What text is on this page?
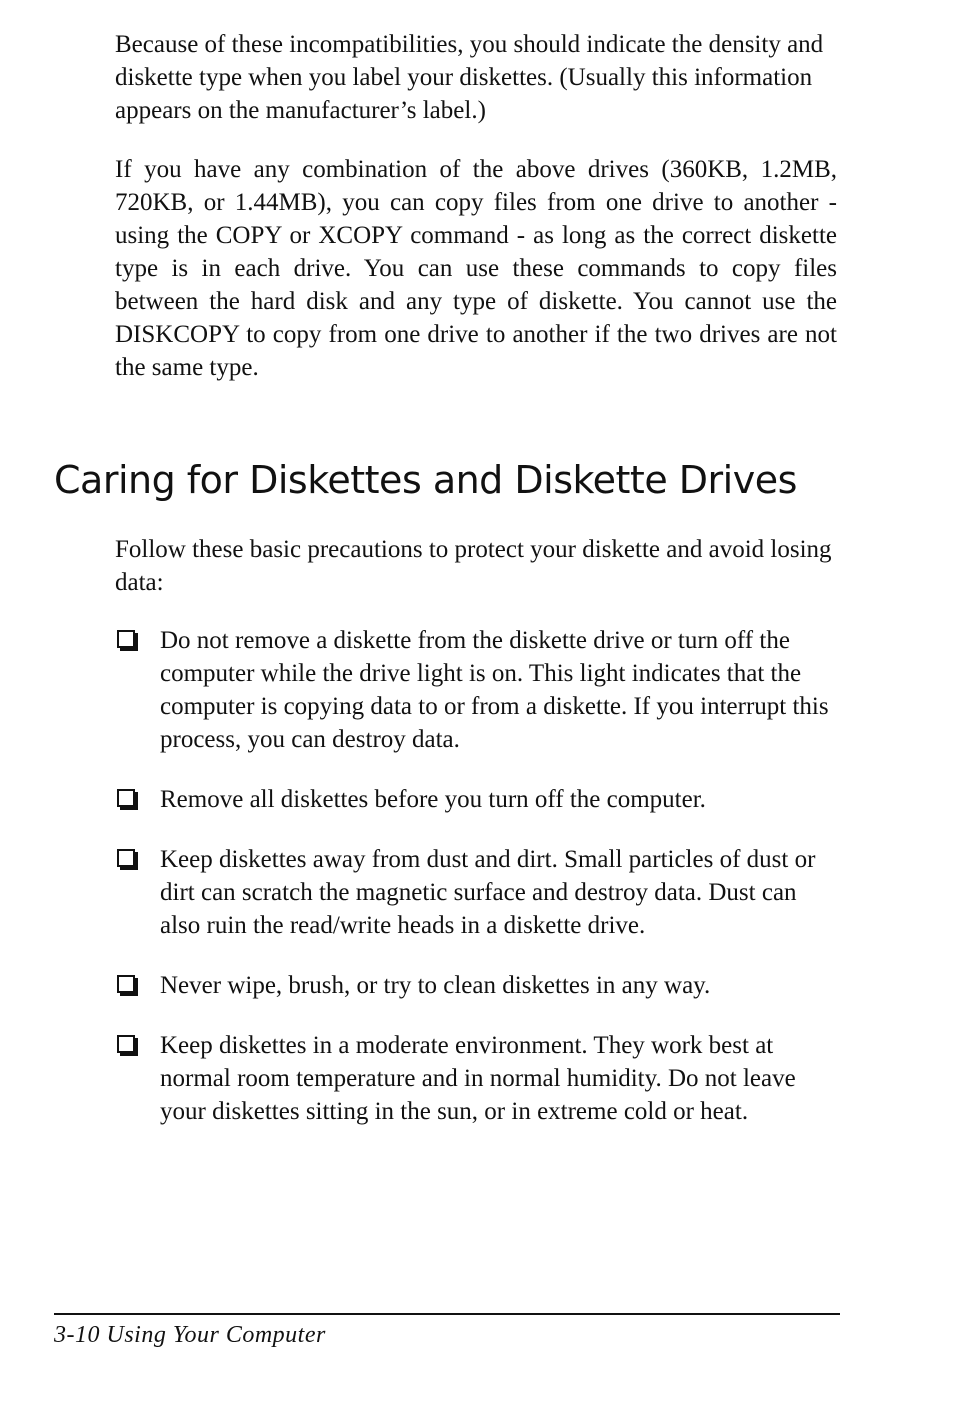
Because of these incompatibilities, you should indicate the density and diskette type when you label your diskettes. (Usually this information appears on the manufacturer’s label.)

If you have any combination of the above drives (360KB, 1.2MB, 720KB, or 1.44MB), you can copy files from one drive to another - using the COPY or XCOPY command - as long as the correct diskette type is in each drive. You can use these commands to copy files between the hard disk and any type of diskette. You cannot use the DISKCOPY to copy from one drive to another if the two drives are not the same type.

Caring for Diskettes and Diskette Drives

Follow these basic precautions to protect your diskette and avoid losing data:

Do not remove a diskette from the diskette drive or turn off the computer while the drive light is on. This light indicates that the computer is copying data to or from a diskette. If you interrupt this process, you can destroy data.
Remove all diskettes before you turn off the computer.
Keep diskettes away from dust and dirt. Small particles of dust or dirt can scratch the magnetic surface and destroy data. Dust can also ruin the read/write heads in a diskette drive.
Never wipe, brush, or try to clean diskettes in any way.
Keep diskettes in a moderate environment. They work best at normal room temperature and in normal humidity. Do not leave your diskettes sitting in the sun, or in extreme cold or heat.
3-10 Using Your Computer
